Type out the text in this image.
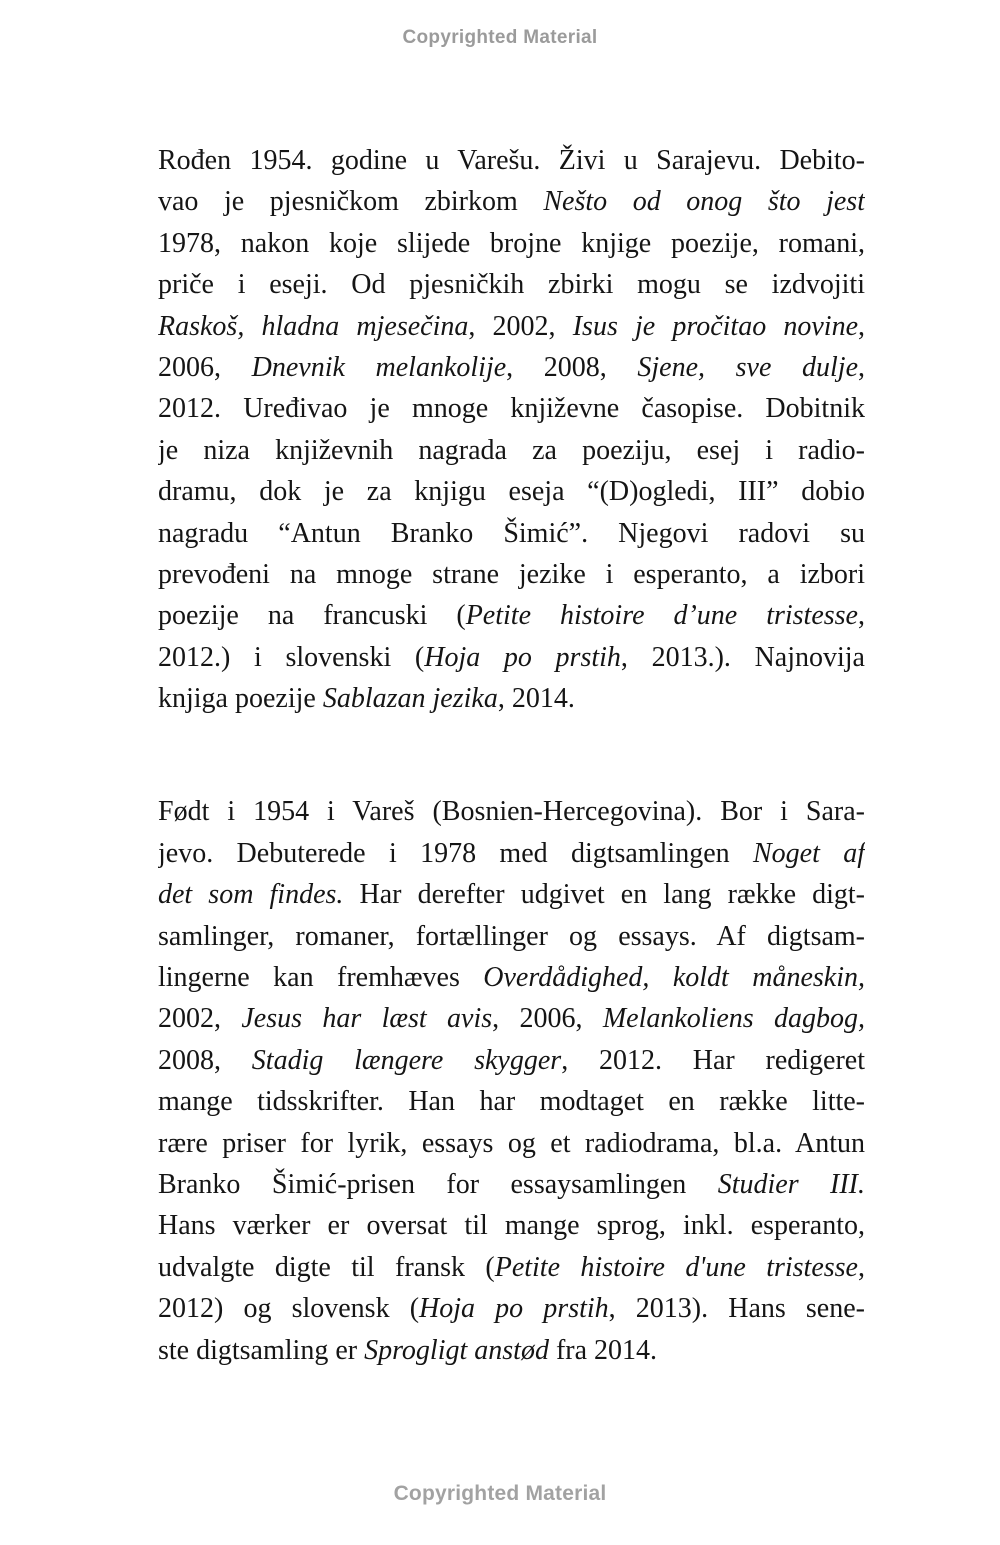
Copyrighted Material
Rođen 1954. godine u Varešu. Živi u Sarajevu. Debito-
vao je pjesničkom zbirkom Nešto od onog što jest
1978, nakon koje slijede brojne knjige poezije, romani,
priče i eseji. Od pjesničkih zbirki mogu se izdvojiti
Raskoš, hladna mjesečina, 2002, Isus je pročitao novine,
2006, Dnevnik melankolije, 2008, Sjene, sve dulje,
2012. Uređivao je mnoge književne časopise. Dobitnik
je niza književnih nagrada za poeziju, esej i radio-
dramu, dok je za knjigu eseja “(D)ogledi, III” dobio
nagradu “Antun Branko Šimić”. Njegovi radovi su
prevođeni na mnoge strane jezike i esperanto, a izbori
poezije na francuski (Petite histoire d’une tristesse,
2012.) i slovenski (Hoja po prstih, 2013.). Najnovija
knjiga poezije Sablazan jezika, 2014.
Født i 1954 i Vareš (Bosnien-Hercegovina). Bor i Sara-
jevo. Debuterede i 1978 med digtsamlingen Noget af
det som findes. Har derefter udgivet en lang række digt-
samlinger, romaner, fortællinger og essays. Af digtsam-
lingerne kan fremhæves Overdådighed, koldt måneskin,
2002, Jesus har læst avis, 2006, Melankoliens dagbog,
2008, Stadig længere skygger, 2012. Har redigeret
mange tidsskrifter. Han har modtaget en række litte-
rære priser for lyrik, essays og et radiodrama, bl.a. Antun
Branko Šimić-prisen for essaysamlingen Studier III.
Hans værker er oversat til mange sprog, inkl. esperanto,
udvalgte digte til fransk (Petite histoire d'une tristesse,
2012) og slovensk (Hoja po prstih, 2013). Hans sene-
ste digtsamling er Sprogligt anstød fra 2014.
Copyrighted Material
